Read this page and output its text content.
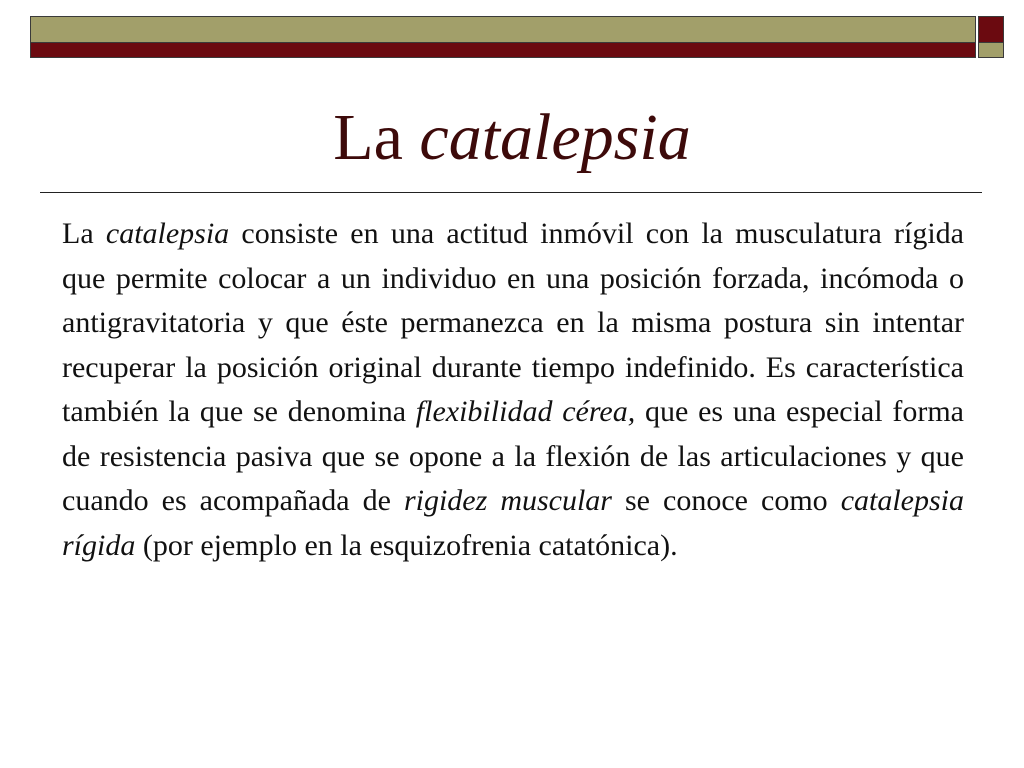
La catalepsia

La catalepsia consiste en una actitud inmóvil con la musculatura rígida que permite colocar a un individuo en una posición forzada, incómoda o antigravitatoria y que éste permanezca en la misma postura sin intentar recuperar la posición original durante tiempo indefinido. Es característica también la que se denomina flexibilidad cérea, que es una especial forma de resistencia pasiva que se opone a la flexión de las articulaciones y que cuando es acompañada de rigidez muscular se conoce como catalepsia rígida (por ejemplo en la esquizofrenia catatónica).
